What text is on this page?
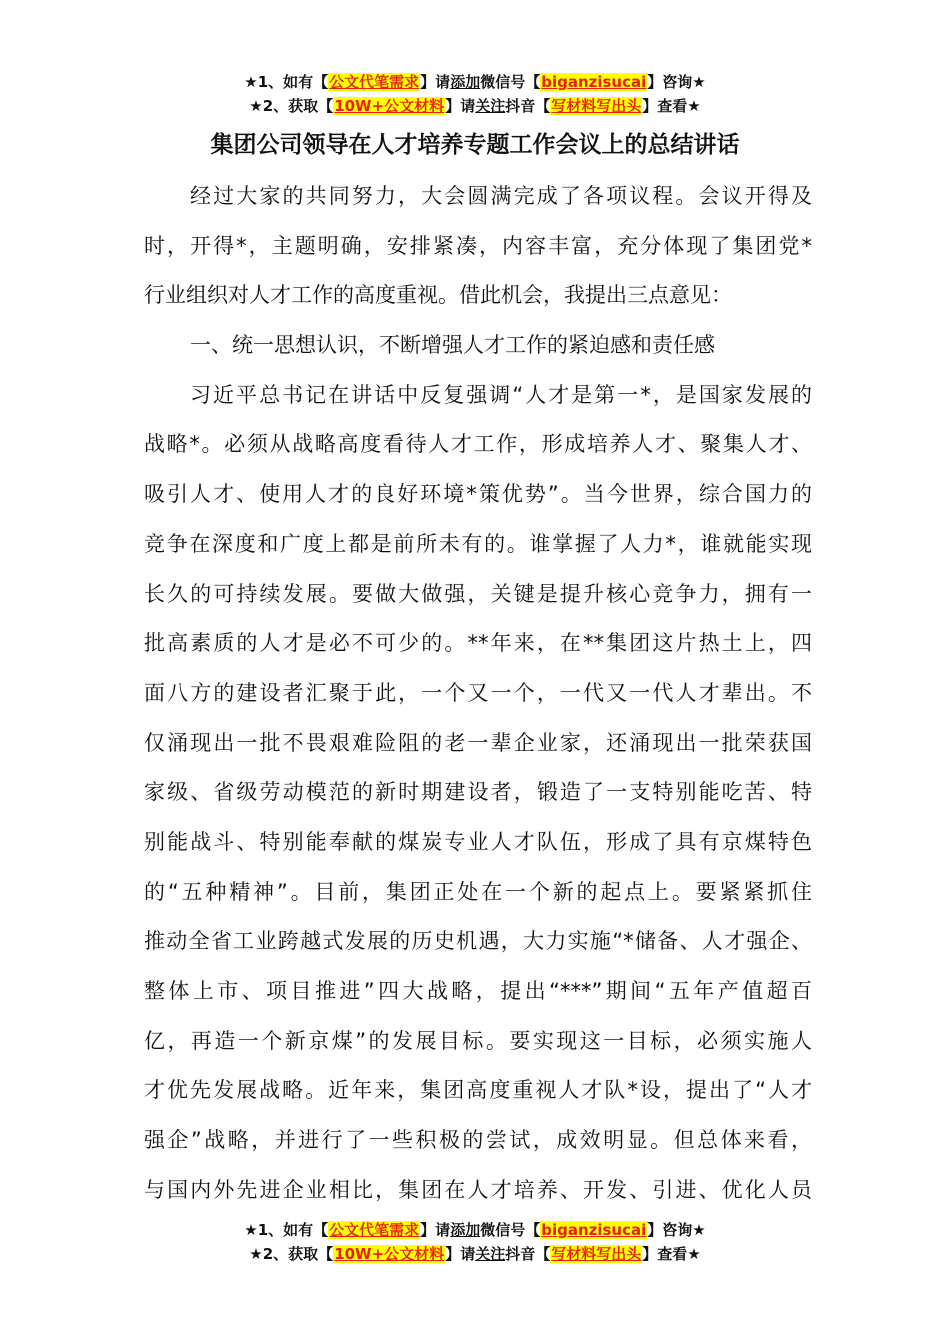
★1、如有【公文代笔需求】请添加微信号【biganzisucai】咨询★
★2、获取【10W+公文材料】请关注抖音【写材料写出头】查看★
集团公司领导在人才培养专题工作会议上的总结讲话
经过大家的共同努力，大会圆满完成了各项议程。会议开得及
时，开得*，主题明确，安排紧凑，内容丰富，充分体现了集团党*
行业组织对人才工作的高度重视。借此机会，我提出三点意见：
一、统一思想认识，不断增强人才工作的紧迫感和责任感
习近平总书记在讲话中反复强调“人才是第一*，是国家发展的
战略*。必须从战略高度看待人才工作，形成培养人才、聚集人才、
吸引人才、使用人才的良好环境*策优势”。当今世界，综合国力的
竞争在深度和广度上都是前所未有的。谁掌握了人力*，谁就能实现
长久的可持续发展。要做大做强，关键是提升核心竞争力，拥有一
批高素质的人才是必不可少的。**年来，在**集团这片热土上，四
面八方的建设者汇聚于此，一个又一个，一代又一代人才辈出。不
仅涌现出一批不畏艰难险阻的老一辈企业家，还涌现出一批荣获国
家级、省级劳动模范的新时期建设者，锻造了一支特别能吃苦、特
别能战斗、特别能奉献的煤炭专业人才队伍，形成了具有京煤特色
的“五种精神”。目前，集团正处在一个新的起点上。要紧紧抓住
推动全省工业跨越式发展的历史机遇，大力实施“*储备、人才强企、
整体上市、项目推进”四大战略，提出“***”期间“五年产值超百
亿，再造一个新京煤”的发展目标。要实现这一目标，必须实施人
才优先发展战略。近年来，集团高度重视人才队*设，提出了“人才
强企”战略，并进行了一些积极的尝试，成效明显。但总体来看，
与国内外先进企业相比，集团在人才培养、开发、引进、优化人员
★1、如有【公文代笔需求】请添加微信号【biganzisucai】咨询★
★2、获取【10W+公文材料】请关注抖音【写材料写出头】查看★
